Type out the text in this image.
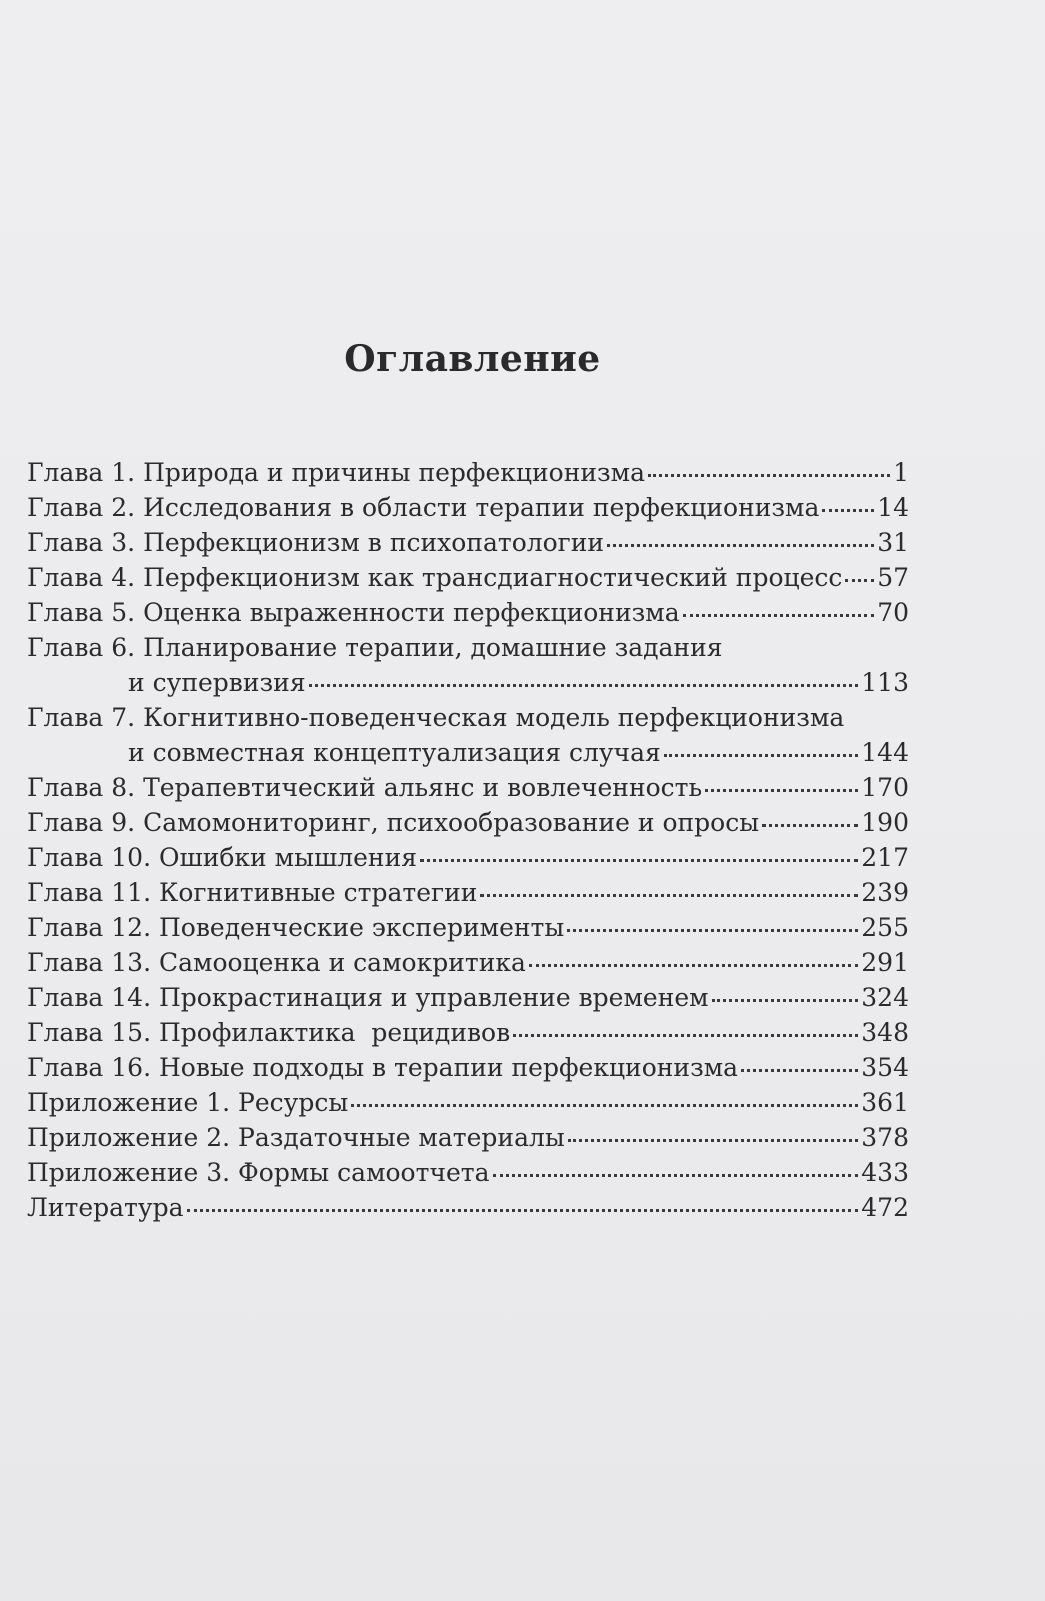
Оглавление
Глава 1. Природа и причины перфекционизма	1
Глава 2. Исследования в области терапии перфекционизма 14
Глава 3. Перфекционизм в психопатологии	31
Глава 4. Перфекционизм как трансдиагностический процесс 57
Глава 5. Оценка выраженности перфекционизма	70
Глава 6. Планирование терапии, домашние задания
и супервизия	113
Глава 7. Когнитивно-поведенческая модель перфекционизма
и совместная концептуализация случая	144
Глава 8. Терапевтический альянс и вовлеченность	170
Глава 9. Самомониторинг, психообразование и опросы	190
Глава 10. Ошибки мышления	217
Глава 11. Когнитивные стратегии	239
Глава 12. Поведенческие эксперименты	255
Глава 13. Самооценка и самокритика	291
Глава 14. Прокрастинация и управление временем	324
Глава 15. Профилактика  рецидивов	348
Глава 16. Новые подходы в терапии перфекционизма	354
Приложение 1. Ресурсы	361
Приложение 2. Раздаточные материалы	378
Приложение 3. Формы самоотчета	433
Литература	472
